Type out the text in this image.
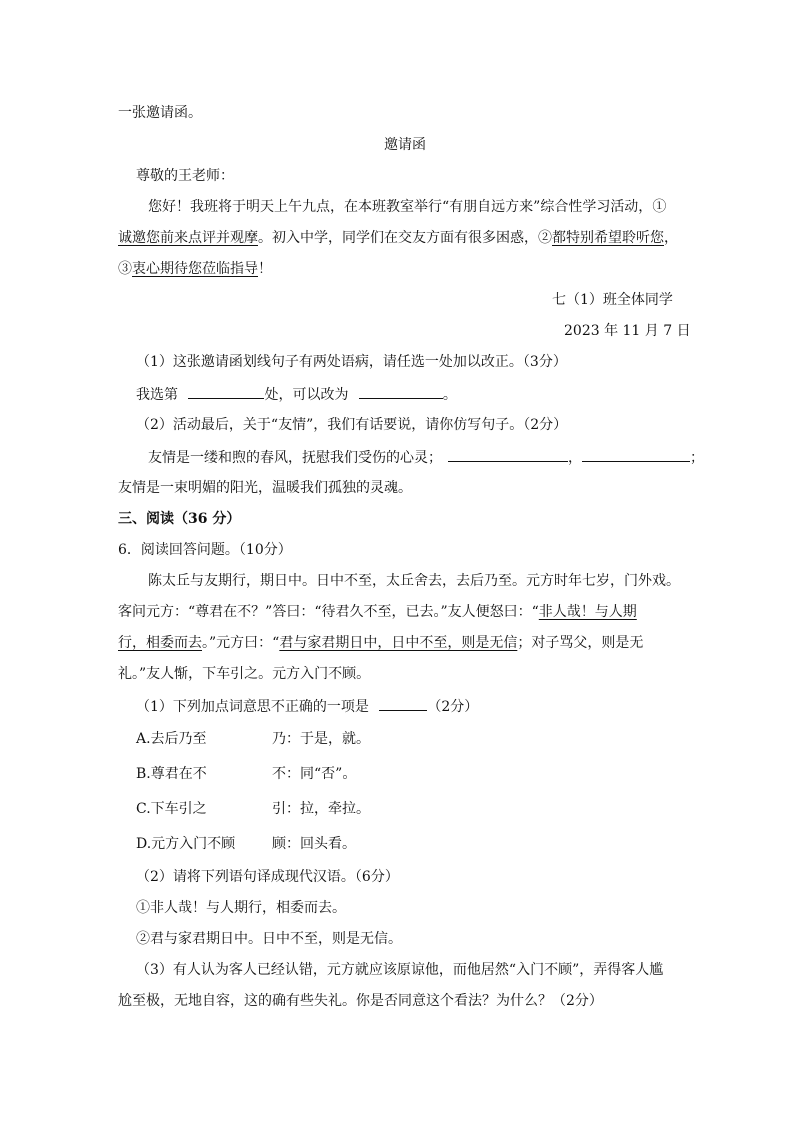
一张邀请函。
邀请函
尊敬的王老师：
您好！我班将于明天上午九点，在本班教室举行“有朋自远方来”综合性学习活动，①
诚邀您前来点评并观摩。初入中学，同学们在交友方面有很多困惑，②都特别希望聆听您，
③衷心期待您莅临指导！
七（1）班全体同学
2023 年 11 月 7 日
（1）这张邀请函划线句子有两处语病，请任选一处加以改正。（3分）
我选第	处，可以改为	。
（2）活动最后，关于“友情”，我们有话要说，请你仿写句子。（2分）
友情是一缕和煦的春风，抚慰我们受伤的心灵；	，	；
友情是一束明媚的阳光，温暖我们孤独的灵魂。
三、阅读（36 分）
6．阅读回答问题。（10分）
陈太丘与友期行，期日中。日中不至，太丘舍去，去后乃至。元方时年七岁，门外戏。
客问元方：“尊君在不？”答曰：“待君久不至，已去。”友人便怒曰：“非人哉！与人期
行，相委而去。”元方曰：“君与家君期日中，日中不至，则是无信；对子骂父，则是无
礼。”友人惭，下车引之。元方入门不顾。
（1）下列加点词意思不正确的一项是	（2分）
A.去后乃至	乃：于是，就。
B.尊君在不	不：同“否”。
C.下车引之	引：拉，牵拉。
D.元方入门不顾	顾：回头看。
（2）请将下列语句译成现代汉语。（6分）
①非人哉！与人期行，相委而去。
②君与家君期日中。日中不至，则是无信。
（3）有人认为客人已经认错，元方就应该原谅他，而他居然“入门不顾”，弄得客人尴
尬至极，无地自容，这的确有些失礼。你是否同意这个看法？为什么？（2分）
